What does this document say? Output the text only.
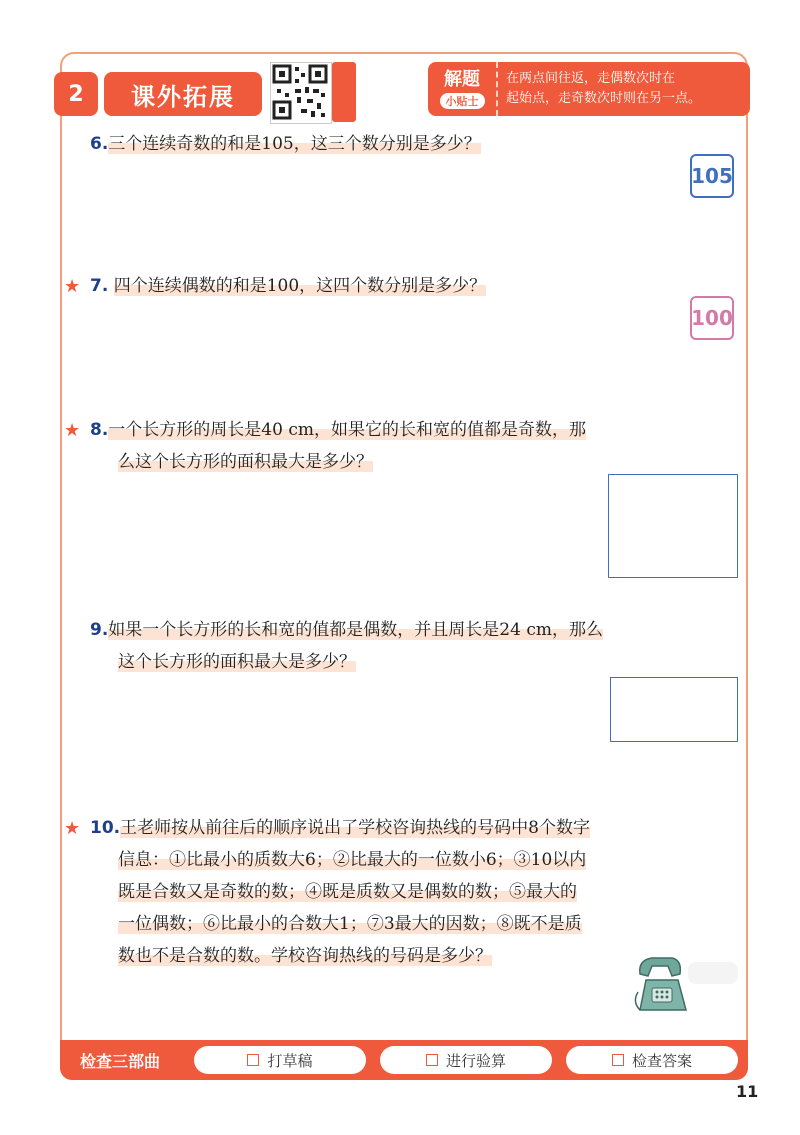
2	课外拓展
解题
小贴士
在两点间往返，走偶数次时在
起始点，走奇数次时则在另一点。
6.三个连续奇数的和是105，这三个数分别是多少？
105
★ 7. 四个连续偶数的和是100，这四个数分别是多少？
100
★ 8.一个长方形的周长是40 cm，如果它的长和宽的值都是奇数，那
么这个长方形的面积最大是多少？
9.如果一个长方形的长和宽的值都是偶数，并且周长是24 cm，那么
这个长方形的面积最大是多少？
★ 10.王老师按从前往后的顺序说出了学校咨询热线的号码中8个数字
信息：①比最小的质数大6；②比最大的一位数小6；③10以内
既是合数又是奇数的数；④既是质数又是偶数的数；⑤最大的
一位偶数；⑥比最小的合数大1；⑦3最大的因数；⑧既不是质
数也不是合数的数。学校咨询热线的号码是多少？
检查三部曲	打草稿	进行验算	检查答案
11
